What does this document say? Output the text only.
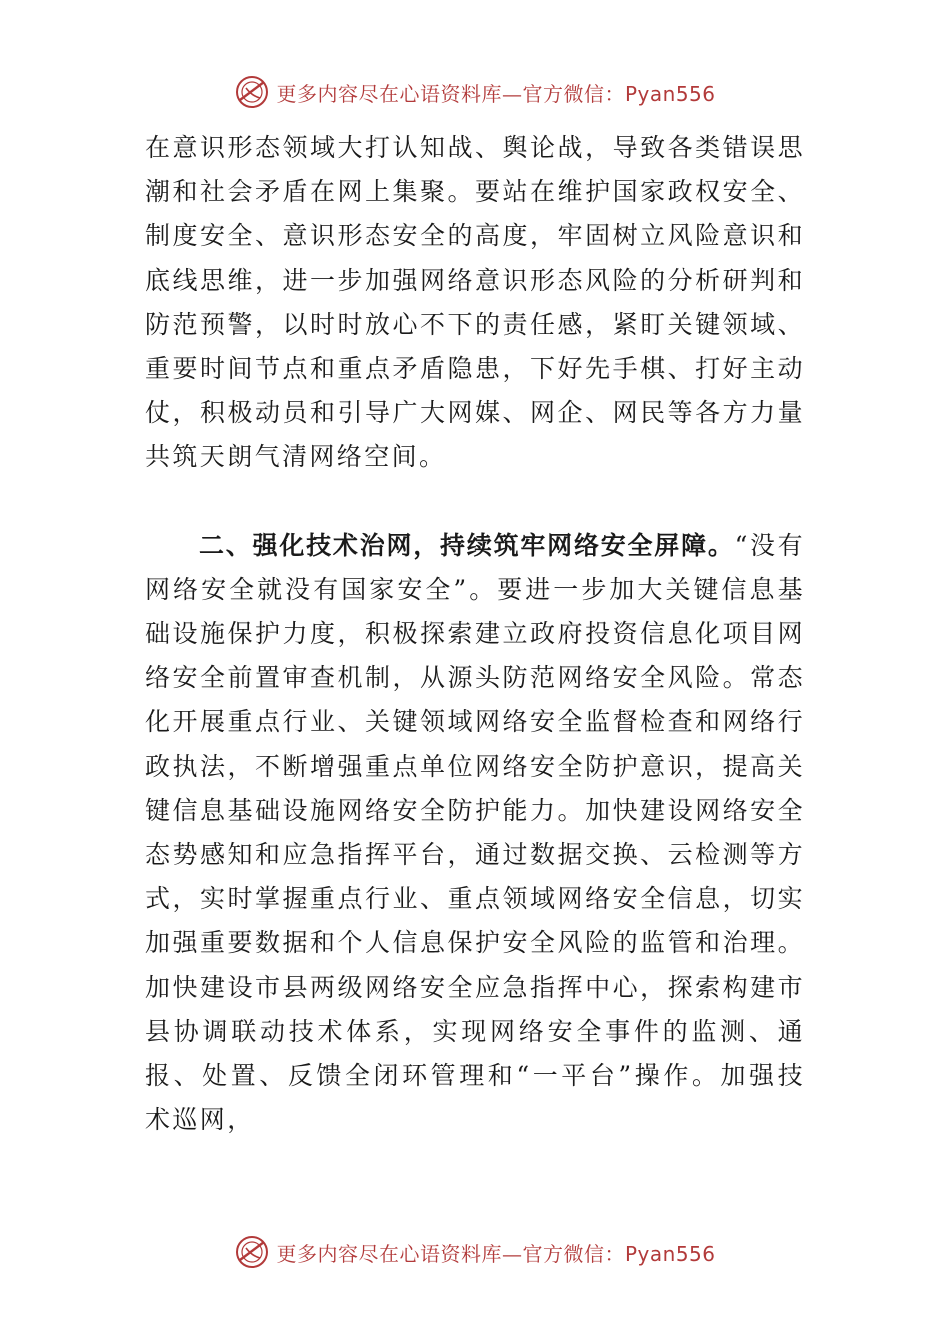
更多内容尽在心语资料库—官方微信：Pyan556

在意识形态领域大打认知战、舆论战，导致各类错误思潮和社会矛盾在网上集聚。要站在维护国家政权安全、制度安全、意识形态安全的高度，牢固树立风险意识和底线思维，进一步加强网络意识形态风险的分析研判和防范预警，以时时放心不下的责任感，紧盯关键领域、重要时间节点和重点矛盾隐患，下好先手棋、打好主动仗，积极动员和引导广大网媒、网企、网民等各方力量共筑天朗气清网络空间。

二、强化技术治网，持续筑牢网络安全屏障。“没有网络安全就没有国家安全”。要进一步加大关键信息基础设施保护力度，积极探索建立政府投资信息化项目网络安全前置审查机制，从源头防范网络安全风险。常态化开展重点行业、关键领域网络安全监督检查和网络行政执法，不断增强重点单位网络安全防护意识，提高关键信息基础设施网络安全防护能力。加快建设网络安全态势感知和应急指挥平台，通过数据交换、云检测等方式，实时掌握重点行业、重点领域网络安全信息，切实加强重要数据和个人信息保护安全风险的监管和治理。加快建设市县两级网络安全应急指挥中心，探索构建市县协调联动技术体系，实现网络安全事件的监测、通报、处置、反馈全闭环管理和“一平台”操作。加强技术巡网，

更多内容尽在心语资料库—官方微信：Pyan556
